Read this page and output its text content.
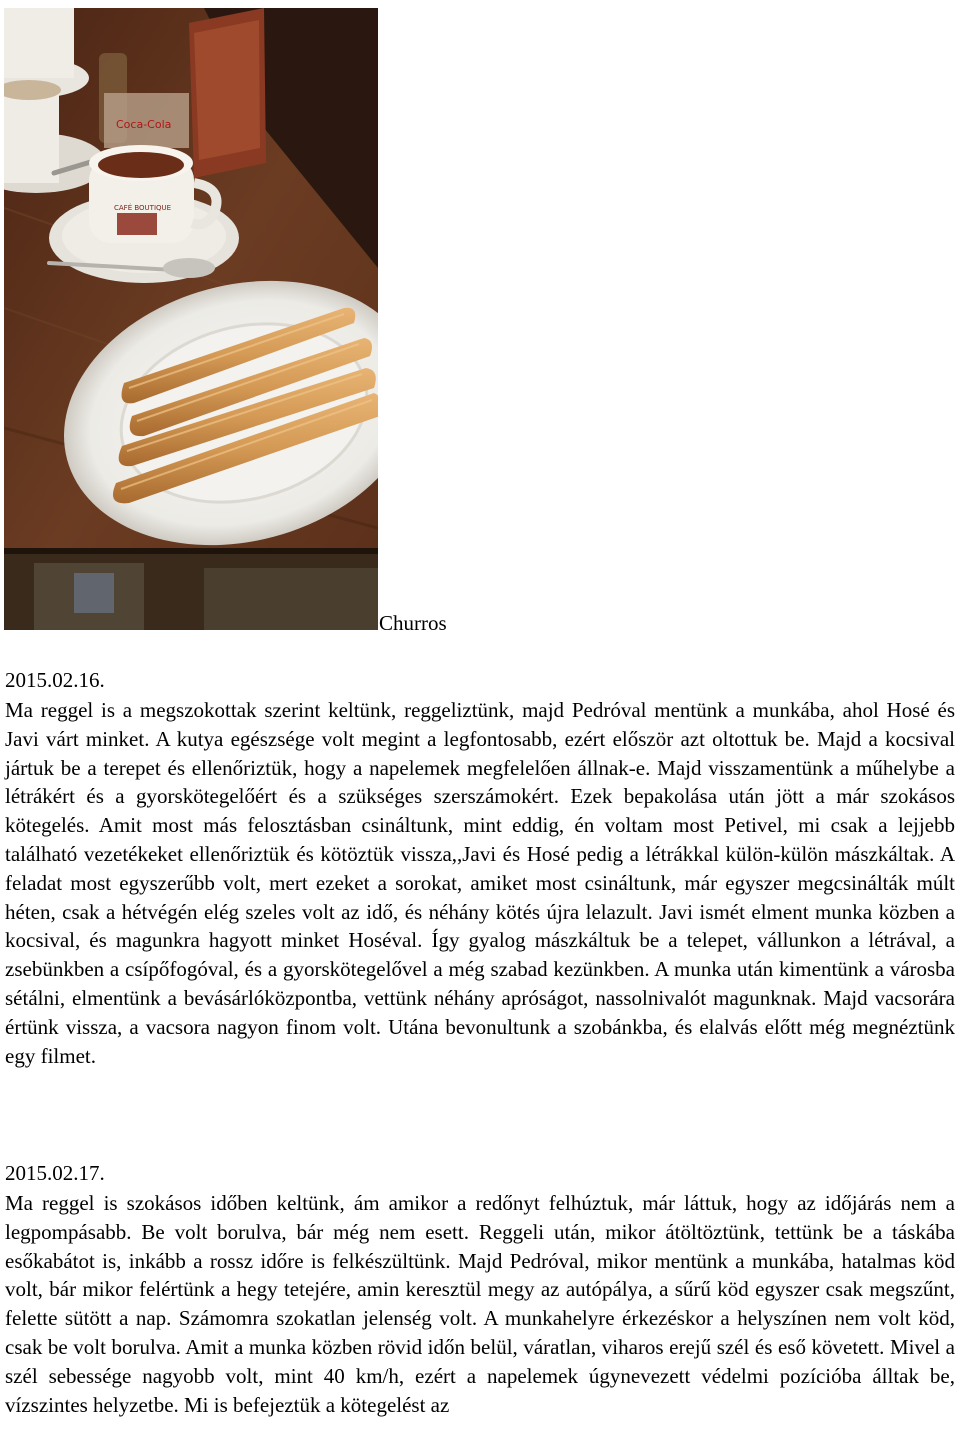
Coca-Cola
CAFÉ BOUTIQUE
Churros
2015.02.16.

Ma reggel is a megszokottak szerint keltünk, reggeliztünk, majd Pedróval mentünk a munkába, ahol Hosé és Javi várt minket. A kutya egészsége volt megint a legfontosabb, ezért először azt oltottuk be. Majd a kocsival jártuk be a terepet és ellenőriztük, hogy a napelemek megfelelően állnak-e. Majd visszamentünk a műhelybe a létrákért és a gyorskötegelőért és a szükséges szerszámokért. Ezek bepakolása után jött a már szokásos kötegelés. Amit most más felosztásban csináltunk, mint eddig, én voltam most Petivel, mi csak a lejjebb található vezetékeket ellenőriztük és kötöztük vissza,,Javi és Hosé pedig a létrákkal külön-külön mászkáltak. A feladat most egyszerűbb volt, mert ezeket a sorokat, amiket most csináltunk, már egyszer megcsinálták múlt héten, csak a hétvégén elég szeles volt az idő, és néhány kötés újra lelazult. Javi ismét elment munka közben a kocsival, és magunkra hagyott minket Hoséval. Így gyalog mászkáltuk be a telepet, vállunkon a létrával, a zsebünkben a csípőfogóval, és a gyorskötegelővel a még szabad kezünkben. A munka után kimentünk a városba sétálni, elmentünk a bevásárlóközpontba, vettünk néhány apróságot, nassolnivalót magunknak. Majd vacsorára értünk vissza, a vacsora nagyon finom volt. Utána bevonultunk a szobánkba, és elalvás előtt még megnéztünk egy filmet.

2015.02.17.

Ma reggel is szokásos időben keltünk, ám amikor a redőnyt felhúztuk, már láttuk, hogy az időjárás nem a legpompásabb. Be volt borulva, bár még nem esett. Reggeli után, mikor átöltöztünk, tettünk be a táskába esőkabátot is, inkább a rossz időre is felkészültünk. Majd Pedróval, mikor mentünk a munkába, hatalmas köd volt, bár mikor felértünk a hegy tetejére, amin keresztül megy az autópálya, a sűrű köd egyszer csak megszűnt, felette sütött a nap. Számomra szokatlan jelenség volt. A munkahelyre érkezéskor a helyszínen nem volt köd, csak be volt borulva. Amit a munka közben rövid időn belül, váratlan, viharos erejű szél és eső követett. Mivel a szél sebessége nagyobb volt, mint 40 km/h, ezért a napelemek úgynevezett védelmi pozícióba álltak be, vízszintes helyzetbe. Mi is befejeztük a kötegelést az
